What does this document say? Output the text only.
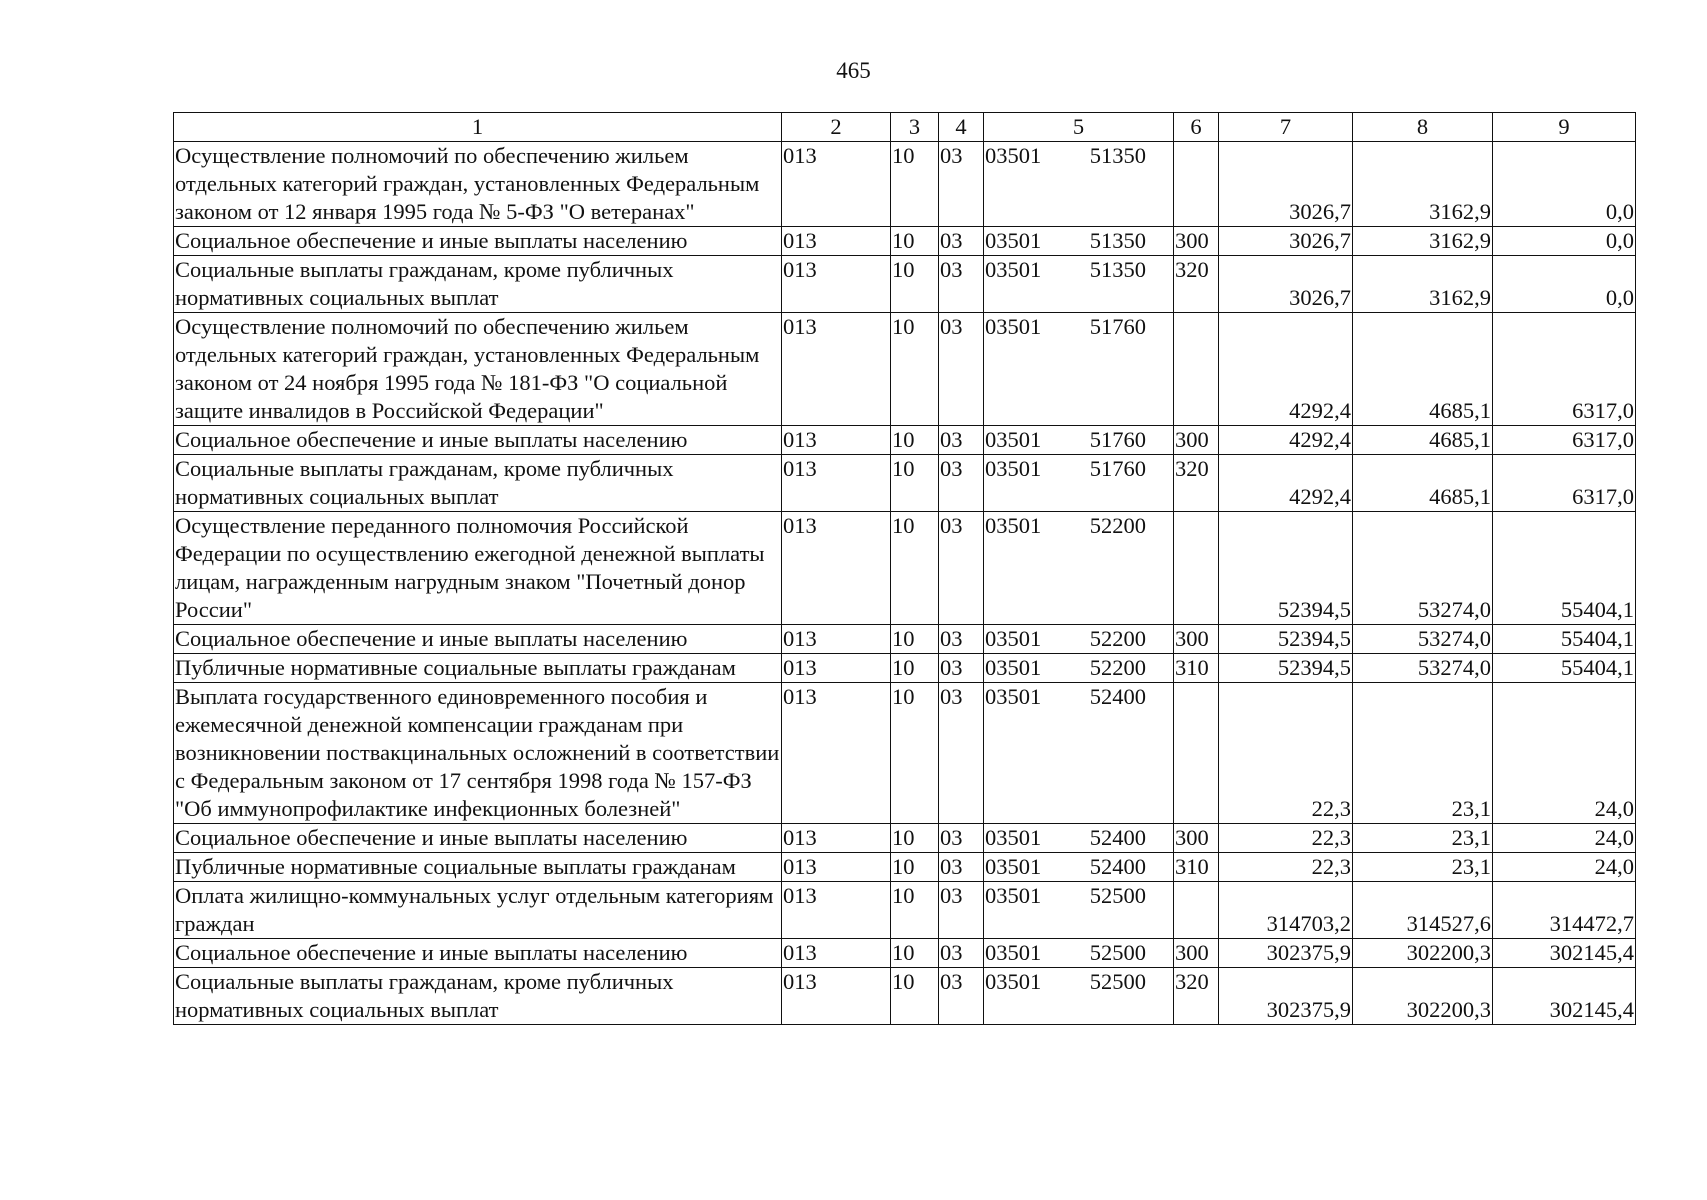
465
1	2	3	4	5	6	7	8	9
Осуществление полномочий по обеспечению жильем отдельных категорий граждан, установленных Федеральным законом от 12 января 1995 года № 5-ФЗ "О ветеранах"	013	10	03	03501 51350		3026,7	3162,9	0,0
Социальное обеспечение и иные выплаты населению	013	10	03	03501 51350	300	3026,7	3162,9	0,0
Социальные выплаты гражданам, кроме публичных нормативных социальных выплат	013	10	03	03501 51350	320	3026,7	3162,9	0,0
Осуществление полномочий по обеспечению жильем отдельных категорий граждан, установленных Федеральным законом от 24 ноября 1995 года № 181-ФЗ "О социальной защите инвалидов в Российской Федерации"	013	10	03	03501 51760		4292,4	4685,1	6317,0
Социальное обеспечение и иные выплаты населению	013	10	03	03501 51760	300	4292,4	4685,1	6317,0
Социальные выплаты гражданам, кроме публичных нормативных социальных выплат	013	10	03	03501 51760	320	4292,4	4685,1	6317,0
Осуществление переданного полномочия Российской Федерации по осуществлению ежегодной денежной выплаты лицам, награжденным нагрудным знаком "Почетный донор России"	013	10	03	03501 52200		52394,5	53274,0	55404,1
Социальное обеспечение и иные выплаты населению	013	10	03	03501 52200	300	52394,5	53274,0	55404,1
Публичные нормативные социальные выплаты гражданам	013	10	03	03501 52200	310	52394,5	53274,0	55404,1
Выплата государственного единовременного пособия и ежемесячной денежной компенсации гражданам при возникновении поствакцинальных осложнений в соответствии с Федеральным законом от 17 сентября 1998 года № 157-ФЗ "Об иммунопрофилактике инфекционных болезней"	013	10	03	03501 52400		22,3	23,1	24,0
Социальное обеспечение и иные выплаты населению	013	10	03	03501 52400	300	22,3	23,1	24,0
Публичные нормативные социальные выплаты гражданам	013	10	03	03501 52400	310	22,3	23,1	24,0
Оплата жилищно-коммунальных услуг отдельным категориям граждан	013	10	03	03501 52500		314703,2	314527,6	314472,7
Социальное обеспечение и иные выплаты населению	013	10	03	03501 52500	300	302375,9	302200,3	302145,4
Социальные выплаты гражданам, кроме публичных нормативных социальных выплат	013	10	03	03501 52500	320	302375,9	302200,3	302145,4
